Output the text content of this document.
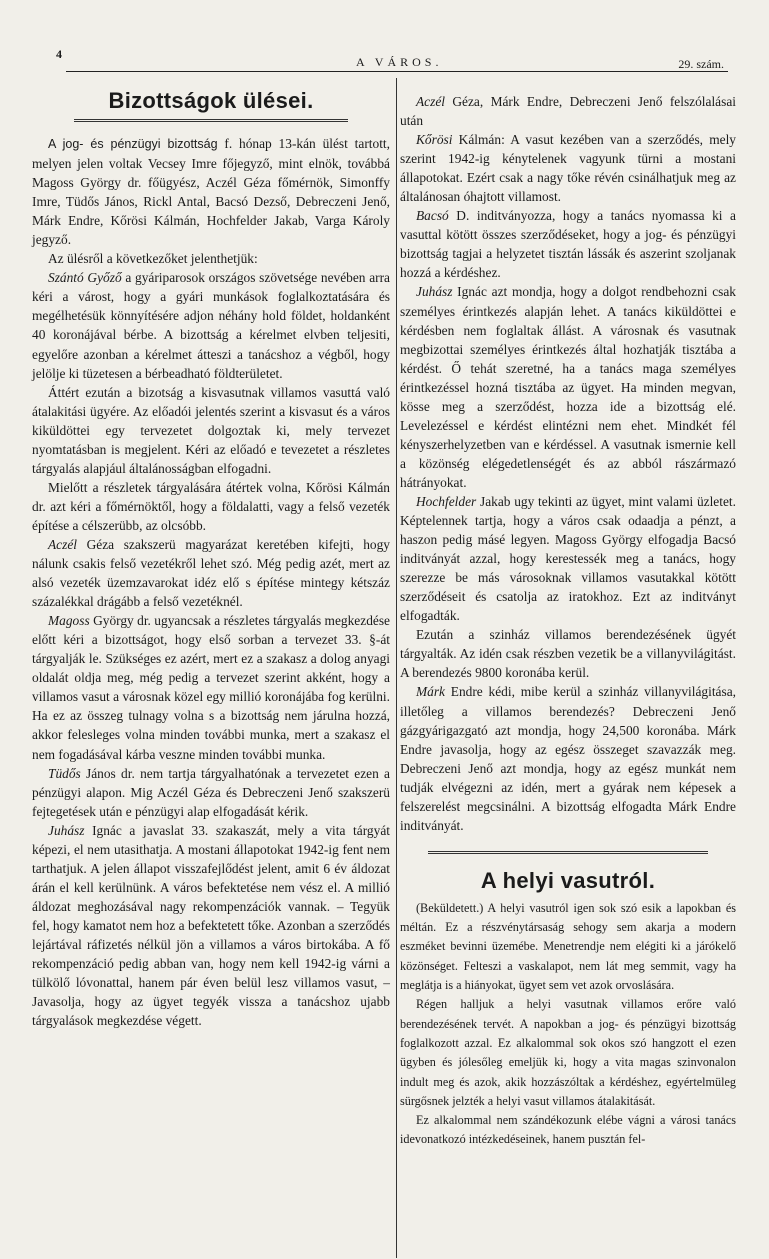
4
A VÁROS.	29. szám.
Bizottságok ülései.

A jog- és pénzügyi bizottság f. hónap 13-kán ülést tartott, melyen jelen voltak Vecsey Imre főjegyző, mint elnök, továbbá Magoss György dr. főügyész, Aczél Géza főmérnök, Simonffy Imre, Tüdős János, Rickl Antal, Bacsó Dezső, Debreczeni Jenő, Márk Endre, Kőrösi Kálmán, Hochfelder Jakab, Varga Károly jegyző.

Az ülésről a következőket jelenthetjük:

Szántó Győző a gyáriparosok országos szövetsége nevében arra kéri a várost, hogy a gyári munkások foglalkoztatására és megélhetésük könnyítésére adjon néhány hold földet, holdanként 40 koronájával bérbe. A bizottság a kérelmet elvben teljesiti, egyelőre azonban a kérelmet átteszi a tanácshoz a végből, hogy jelölje ki tüzetesen a bérbeadható földterületet.

Áttért ezután a bizotság a kisvasutnak villamos vasuttá való átalakitási ügyére. Az előadói jelentés szerint a kisvasut és a város kiküldöttei egy tervezetet dolgoztak ki, mely tervezet nyomtatásban is megjelent. Kéri az előadó e tevezetet a részletes tárgyalás alapjául általánosságban elfogadni.

Mielőtt a részletek tárgyalására átértek volna, Kőrösi Kálmán dr. azt kéri a főmérnöktől, hogy a földalatti, vagy a felső vezeték építése a célszerübb, az olcsóbb.

Aczél Géza szakszerü magyarázat keretében kifejti, hogy nálunk csakis felső vezetékről lehet szó. Még pedig azét, mert az alsó vezeték üzemzavarokat idéz elő s építése mintegy kétszáz százalékkal drágább a felső vezetéknél.

Magoss György dr. ugyancsak a részletes tárgyalás megkezdése előtt kéri a bizottságot, hogy első sorban a tervezet 33. §-át tárgyalják le. Szükséges ez azért, mert ez a szakasz a dolog anyagi oldalát oldja meg, még pedig a tervezet szerint akként, hogy a villamos vasut a városnak közel egy millió koronájába fog kerülni. Ha ez az összeg tulnagy volna s a bizottság nem járulna hozzá, akkor felesleges volna minden további munka, mert a szakasz el nem fogadásával kárba veszne minden további munka.

Tüdős János dr. nem tartja tárgyalhatónak a tervezetet ezen a pénzügyi alapon. Mig Aczél Géza és Debreczeni Jenő szakszerü fejtegetések után e pénzügyi alap elfogadását kérik.

Juhász Ignác a javaslat 33. szakaszát, mely a vita tárgyát képezi, el nem utasithatja. A mostani állapotokat 1942-ig fent nem tarthatjuk. A jelen állapot visszafejlődést jelent, amit 6 év áldozat árán el kell kerülnünk. A város befektetése nem vész el. A millió áldozat meghozásával nagy rekompenzációk vannak. – Tegyük fel, hogy kamatot nem hoz a befektetett tőke. Azonban a szerződés lejártával ráfizetés nélkül jön a villamos a város birtokába. A fő rekompenzáció pedig abban van, hogy nem kell 1942-ig várni a tülkölő lóvonattal, hanem pár éven belül lesz villamos vasut, – Javasolja, hogy az ügyet tegyék vissza a tanácshoz ujabb tárgyalások megkezdése végett.

Aczél Géza, Márk Endre, Debreczeni Jenő felszólalásai után

Kőrösi Kálmán: A vasut kezében van a szerződés, mely szerint 1942-ig kénytelenek vagyunk türni a mostani állapotokat. Ezért csak a nagy tőke révén csinálhatjuk meg az általánosan óhajtott villamost.

Bacsó D. inditványozza, hogy a tanács nyomassa ki a vasuttal kötött összes szerződéseket, hogy a jog- és pénzügyi bizottság tagjai a helyzetet tisztán lássák és aszerint szoljanak hozzá a kérdéshez.

Juhász Ignác azt mondja, hogy a dolgot rendbehozni csak személyes érintkezés alapján lehet. A tanács kiküldöttei e kérdésben nem foglaltak állást. A városnak és vasutnak megbizottai személyes érintkezés által hozhatják tisztába a kérdést. Ő tehát szeretné, ha a tanács maga személyes érintkezéssel hozná tisztába az ügyet. Ha minden megvan, kösse meg a szerződést, hozza ide a bizottság elé. Levelezéssel e kérdést elintézni nem ehet. Mindkét fél kényszerhelyzetben van e kérdéssel. A vasutnak ismernie kell a közönség elégedetlenségét és az abból rászármazó hátrányokat.

Hochfelder Jakab ugy tekinti az ügyet, mint valami üzletet. Képtelennek tartja, hogy a város csak odaadja a pénzt, a haszon pedig másé legyen. Magoss György elfogadja Bacsó inditványát azzal, hogy kerestessék meg a tanács, hogy szerezze be más városoknak villamos vasutakkal kötött szerződéseit és csatolja az iratokhoz. Ezt az inditványt elfogadták.

Ezután a szinház villamos berendezésének ügyét tárgyalták. Az idén csak részben vezetik be a villanyvilágitást. A berendezés 9800 koronába kerül.

Márk Endre kédi, mibe kerül a szinház villanyvilágitása, illetőleg a villamos berendezés? Debreczeni Jenő gázgyárigazgató azt mondja, hogy 24,500 koronába. Márk Endre javasolja, hogy az egész összeget szavazzák meg. Debreczeni Jenő azt mondja, hogy az egész munkát nem tudják elvégezni az idén, mert a gyárak nem képesek a felszerelést megcsinálni. A bizottság elfogadta Márk Endre inditványát.

A helyi vasutról.

(Beküldetett.) A helyi vasutról igen sok szó esik a lapokban és méltán. Ez a részvénytársaság sehogy sem akarja a modern eszméket bevinni üzemébe. Menetrendje nem elégiti ki a járókelő közönséget. Felteszi a vaskalapot, nem lát meg semmit, vagy ha meglátja is a hiányokat, ügyet sem vet azok orvoslására.

Régen halljuk a helyi vasutnak villamos erőre való berendezésének tervét. A napokban a jog- és pénzügyi bizottság foglalkozott azzal. Ez alkalommal sok okos szó hangzott el ezen ügyben és jólesőleg emeljük ki, hogy a vita magas szinvonalon indult meg és azok, akik hozzászóltak a kérdéshez, egyértelmüleg sürgősnek jelzték a helyi vasut villamos átalakitását.

Ez alkalommal nem szándékozunk elébe vágni a városi tanács idevonatkozó intézkedéseinek, hanem pusztán fel-
